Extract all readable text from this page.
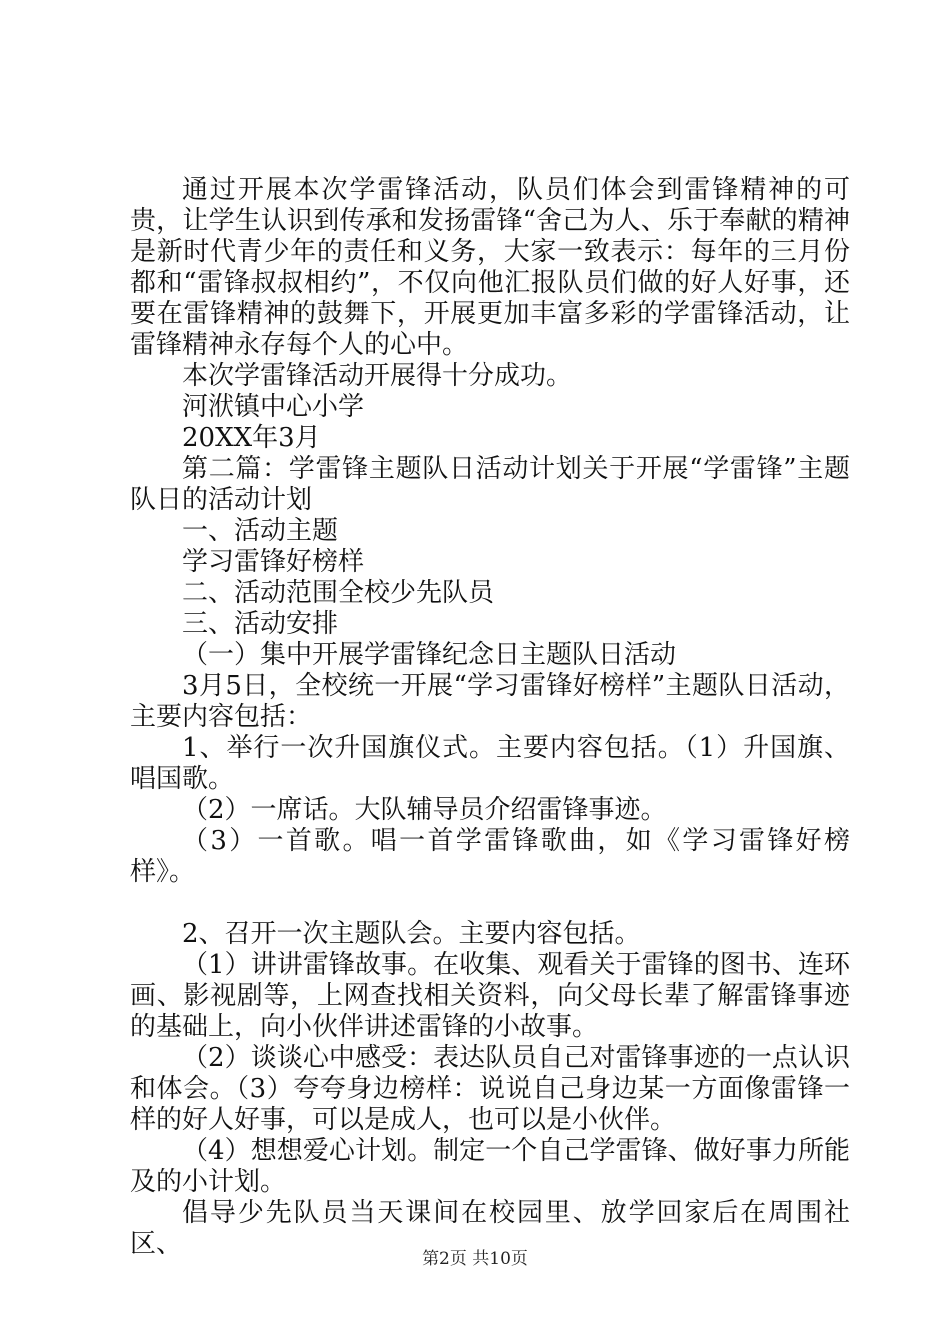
通过开展本次学雷锋活动，队员们体会到雷锋精神的可贵，让学生认识到传承和发扬雷锋“舍己为人、乐于奉献的精神是新时代青少年的责任和义务，大家一致表示：每年的三月份都和“雷锋叔叔相约”，不仅向他汇报队员们做的好人好事，还要在雷锋精神的鼓舞下，开展更加丰富多彩的学雷锋活动，让雷锋精神永存每个人的心中。

本次学雷锋活动开展得十分成功。

河洑镇中心小学

20XX年3月

第二篇：学雷锋主题队日活动计划关于开展“学雷锋”主题队日的活动计划

一、活动主题

学习雷锋好榜样

二、活动范围全校少先队员

三、活动安排

（一）集中开展学雷锋纪念日主题队日活动

3月5日，全校统一开展“学习雷锋好榜样”主题队日活动，主要内容包括：

1、举行一次升国旗仪式。主要内容包括。（1）升国旗、唱国歌。

（2）一席话。大队辅导员介绍雷锋事迹。

（3）一首歌。唱一首学雷锋歌曲，如《学习雷锋好榜样》。

2、召开一次主题队会。主要内容包括。

（1）讲讲雷锋故事。在收集、观看关于雷锋的图书、连环画、影视剧等，上网查找相关资料，向父母长辈了解雷锋事迹的基础上，向小伙伴讲述雷锋的小故事。

（2）谈谈心中感受：表达队员自己对雷锋事迹的一点认识和体会。（3）夸夸身边榜样：说说自己身边某一方面像雷锋一样的好人好事，可以是成人，也可以是小伙伴。

（4）想想爱心计划。制定一个自己学雷锋、做好事力所能及的小计划。

倡导少先队员当天课间在校园里、放学回家后在周围社区、	第2页 共10页
